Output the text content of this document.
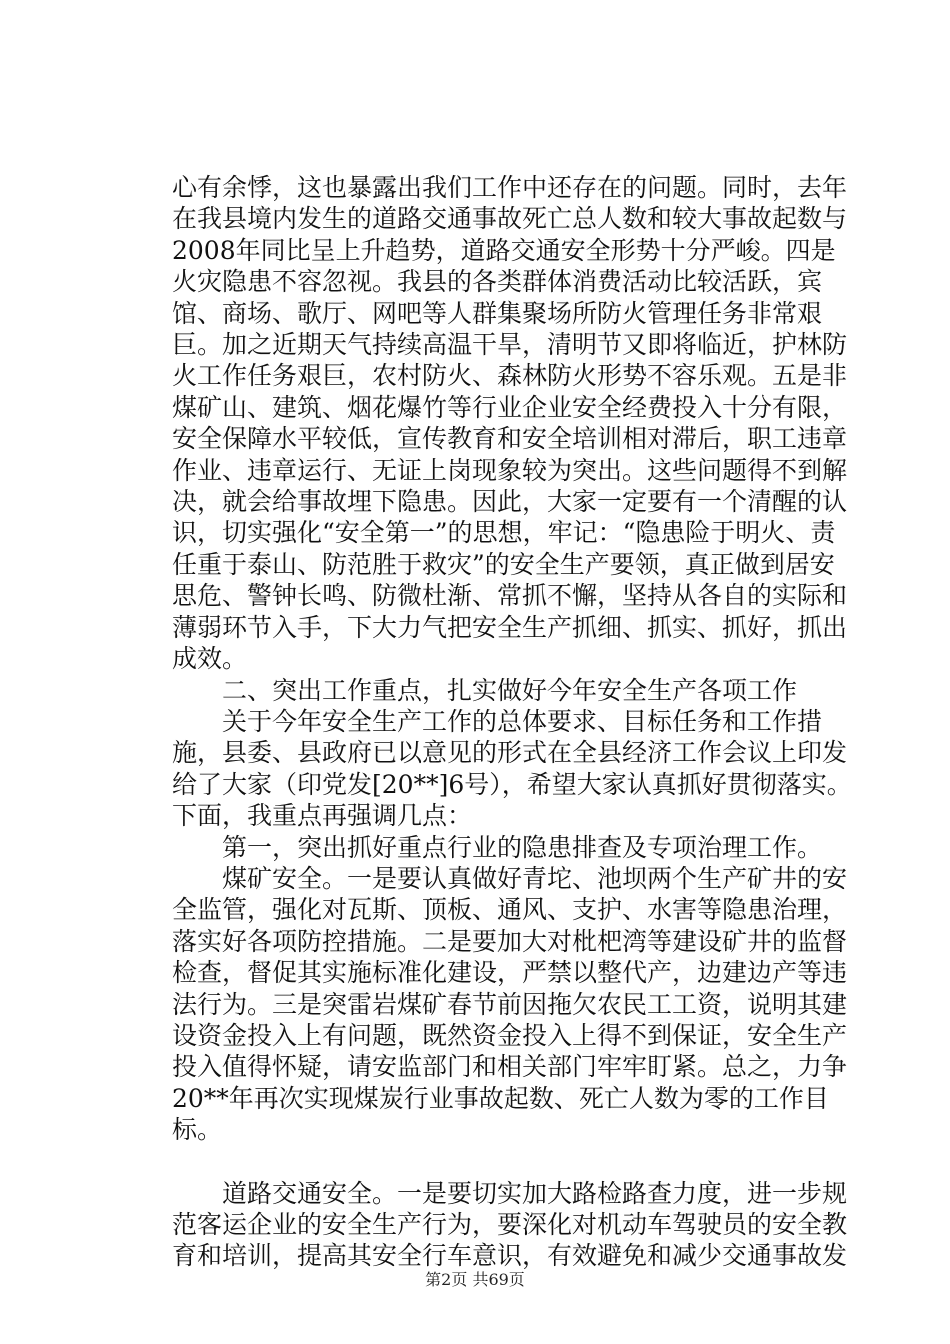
心有余悸，这也暴露出我们工作中还存在的问题。同时，去年在我县境内发生的道路交通事故死亡总人数和较大事故起数与2008年同比呈上升趋势，道路交通安全形势十分严峻。四是火灾隐患不容忽视。我县的各类群体消费活动比较活跃，宾馆、商场、歌厅、网吧等人群集聚场所防火管理任务非常艰巨。加之近期天气持续高温干旱，清明节又即将临近，护林防火工作任务艰巨，农村防火、森林防火形势不容乐观。五是非煤矿山、建筑、烟花爆竹等行业企业安全经费投入十分有限，安全保障水平较低，宣传教育和安全培训相对滞后，职工违章作业、违章运行、无证上岗现象较为突出。这些问题得不到解决，就会给事故埋下隐患。因此，大家一定要有一个清醒的认识，切实强化“安全第一”的思想，牢记：“隐患险于明火、责任重于泰山、防范胜于救灾”的安全生产要领，真正做到居安思危、警钟长鸣、防微杜渐、常抓不懈，坚持从各自的实际和薄弱环节入手，下大力气把安全生产抓细、抓实、抓好，抓出成效。

二、突出工作重点，扎实做好今年安全生产各项工作

关于今年安全生产工作的总体要求、目标任务和工作措施，县委、县政府已以意见的形式在全县经济工作会议上印发给了大家（印党发[20**]6号），希望大家认真抓好贯彻落实。下面，我重点再强调几点：

第一，突出抓好重点行业的隐患排查及专项治理工作。

煤矿安全。一是要认真做好青坨、池坝两个生产矿井的安全监管，强化对瓦斯、顶板、通风、支护、水害等隐患治理，落实好各项防控措施。二是要加大对枇杷湾等建设矿井的监督检查，督促其实施标准化建设，严禁以整代产，边建边产等违法行为。三是突雷岩煤矿春节前因拖欠农民工工资，说明其建设资金投入上有问题，既然资金投入上得不到保证，安全生产投入值得怀疑，请安监部门和相关部门牢牢盯紧。总之，力争20**年再次实现煤炭行业事故起数、死亡人数为零的工作目标。

道路交通安全。一是要切实加大路检路查力度，进一步规范客运企业的安全生产行为，要深化对机动车驾驶员的安全教育和培训，提高其安全行车意识，有效避免和减少交通事故发

第2页 共69页
